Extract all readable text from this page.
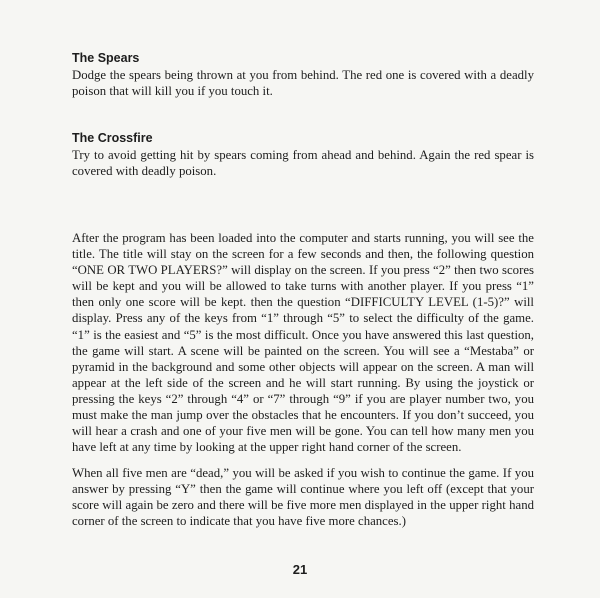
The Spears

Dodge the spears being thrown at you from behind. The red one is covered with a deadly poison that will kill you if you touch it.

The Crossfire

Try to avoid getting hit by spears coming from ahead and behind. Again the red spear is covered with deadly poison.

After the program has been loaded into the computer and starts running, you will see the title. The title will stay on the screen for a few seconds and then, the following question “ONE OR TWO PLAYERS?” will display on the screen. If you press “2” then two scores will be kept and you will be allowed to take turns with another player. If you press “1” then only one score will be kept. then the question “DIFFICULTY LEVEL (1-5)?” will display. Press any of the keys from “1” through “5” to select the difficulty of the game. “1” is the easiest and “5” is the most difficult. Once you have answered this last question, the game will start. A scene will be painted on the screen. You will see a “Mestaba” or pyramid in the background and some other objects will appear on the screen. A man will appear at the left side of the screen and he will start running. By using the joystick or pressing the keys “2” through “4” or “7” through “9” if you are player number two, you must make the man jump over the obstacles that he encounters. If you don’t succeed, you will hear a crash and one of your five men will be gone. You can tell how many men you have left at any time by looking at the upper right hand corner of the screen.

When all five men are “dead,” you will be asked if you wish to continue the game. If you answer by pressing “Y” then the game will continue where you left off (except that your score will again be zero and there will be five more men displayed in the upper right hand corner of the screen to indicate that you have five more chances.)

21
